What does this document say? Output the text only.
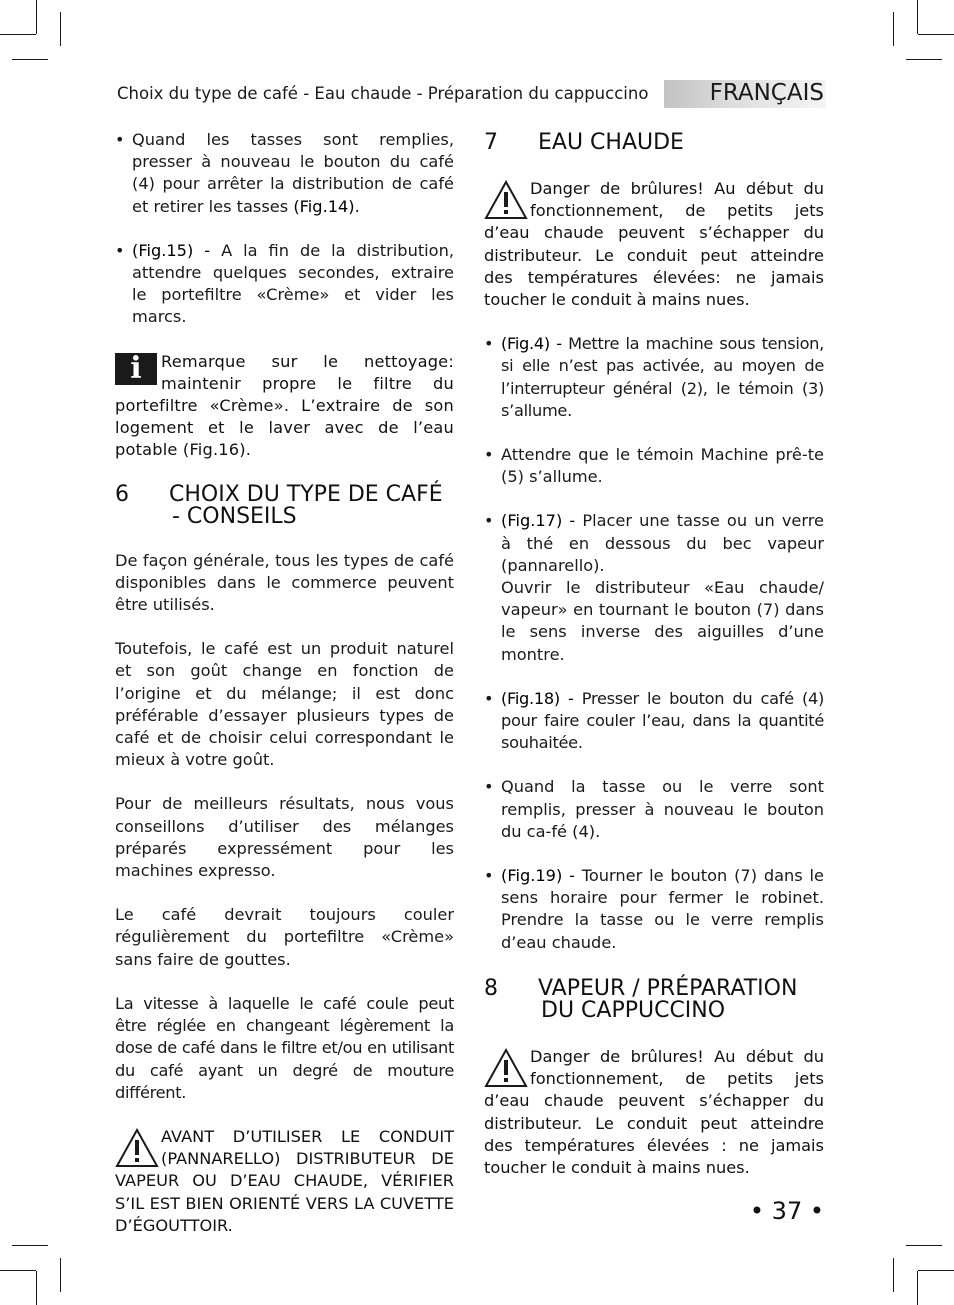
Choix du type de café - Eau chaude - Préparation du cappuccino	FRANÇAIS
• Quand les tasses sont remplies, presser à nouveau le bouton du café (4) pour arrêter la distribution de café et retirer les tasses (Fig.14).
• (Fig.15) - A la fin de la distribution, attendre quelques secondes, extraire le portefiltre «Crème» et vider les marcs.
i	Remarque sur le nettoyage: maintenir propre le filtre du portefiltre «Crème». L’extraire de son logement et le laver avec de l’eau potable (Fig.16).
6 CHOIX DU TYPE DE CAFÉ
- CONSEILS

De façon générale, tous les types de café disponibles dans le commerce peuvent être utilisés.

Toutefois, le café est un produit naturel et son goût change en fonction de l’origine et du mélange; il est donc préférable d’essayer plusieurs types de café et de choisir celui correspondant le mieux à votre goût.

Pour de meilleurs résultats, nous vous conseillons d’utiliser des mélanges préparés expressément pour les machines expresso.

Le café devrait toujours couler régulièrement du portefiltre «Crème» sans faire de gouttes.

La vitesse à laquelle le café coule peut être réglée en changeant légèrement la dose de café dans le filtre et/ou en utilisant du café ayant un degré de mouture différent.

AVANT D’UTILISER LE CONDUIT (PANNARELLO) DISTRIBUTEUR DE VAPEUR OU D’EAU CHAUDE, VÉRIFIER S’IL EST BIEN ORIENTÉ VERS LA CUVETTE D’ÉGOUTTOIR.
7 EAU CHAUDE
Danger de brûlures! Au début du fonctionnement, de petits jets d’eau chaude peuvent s’échapper du distributeur. Le conduit peut atteindre des températures élevées: ne jamais toucher le conduit à mains nues.
• (Fig.4) - Mettre la machine sous tension, si elle n’est pas activée, au moyen de l’interrupteur général (2), le témoin (3) s’allume.
• Attendre que le témoin Machine prê-te (5) s’allume.
• (Fig.17) - Placer une tasse ou un verre à thé en dessous du bec vapeur (pannarello).
Ouvrir le distributeur «Eau chaude/ vapeur» en tournant le bouton (7) dans le sens inverse des aiguilles d’une montre.
• (Fig.18) - Presser le bouton du café (4) pour faire couler l’eau, dans la quantité souhaitée.
• Quand la tasse ou le verre sont remplis, presser à nouveau le bouton du ca-fé (4).
• (Fig.19) - Tourner le bouton (7) dans le sens horaire pour fermer le robinet. Prendre la tasse ou le verre remplis d’eau chaude.
8 VAPEUR / PRÉPARATION
DU CAPPUCCINO
Danger de brûlures! Au début du fonctionnement, de petits jets d’eau chaude peuvent s’échapper du distributeur. Le conduit peut atteindre des températures élevées : ne jamais toucher le conduit à mains nues.
• 37 •
